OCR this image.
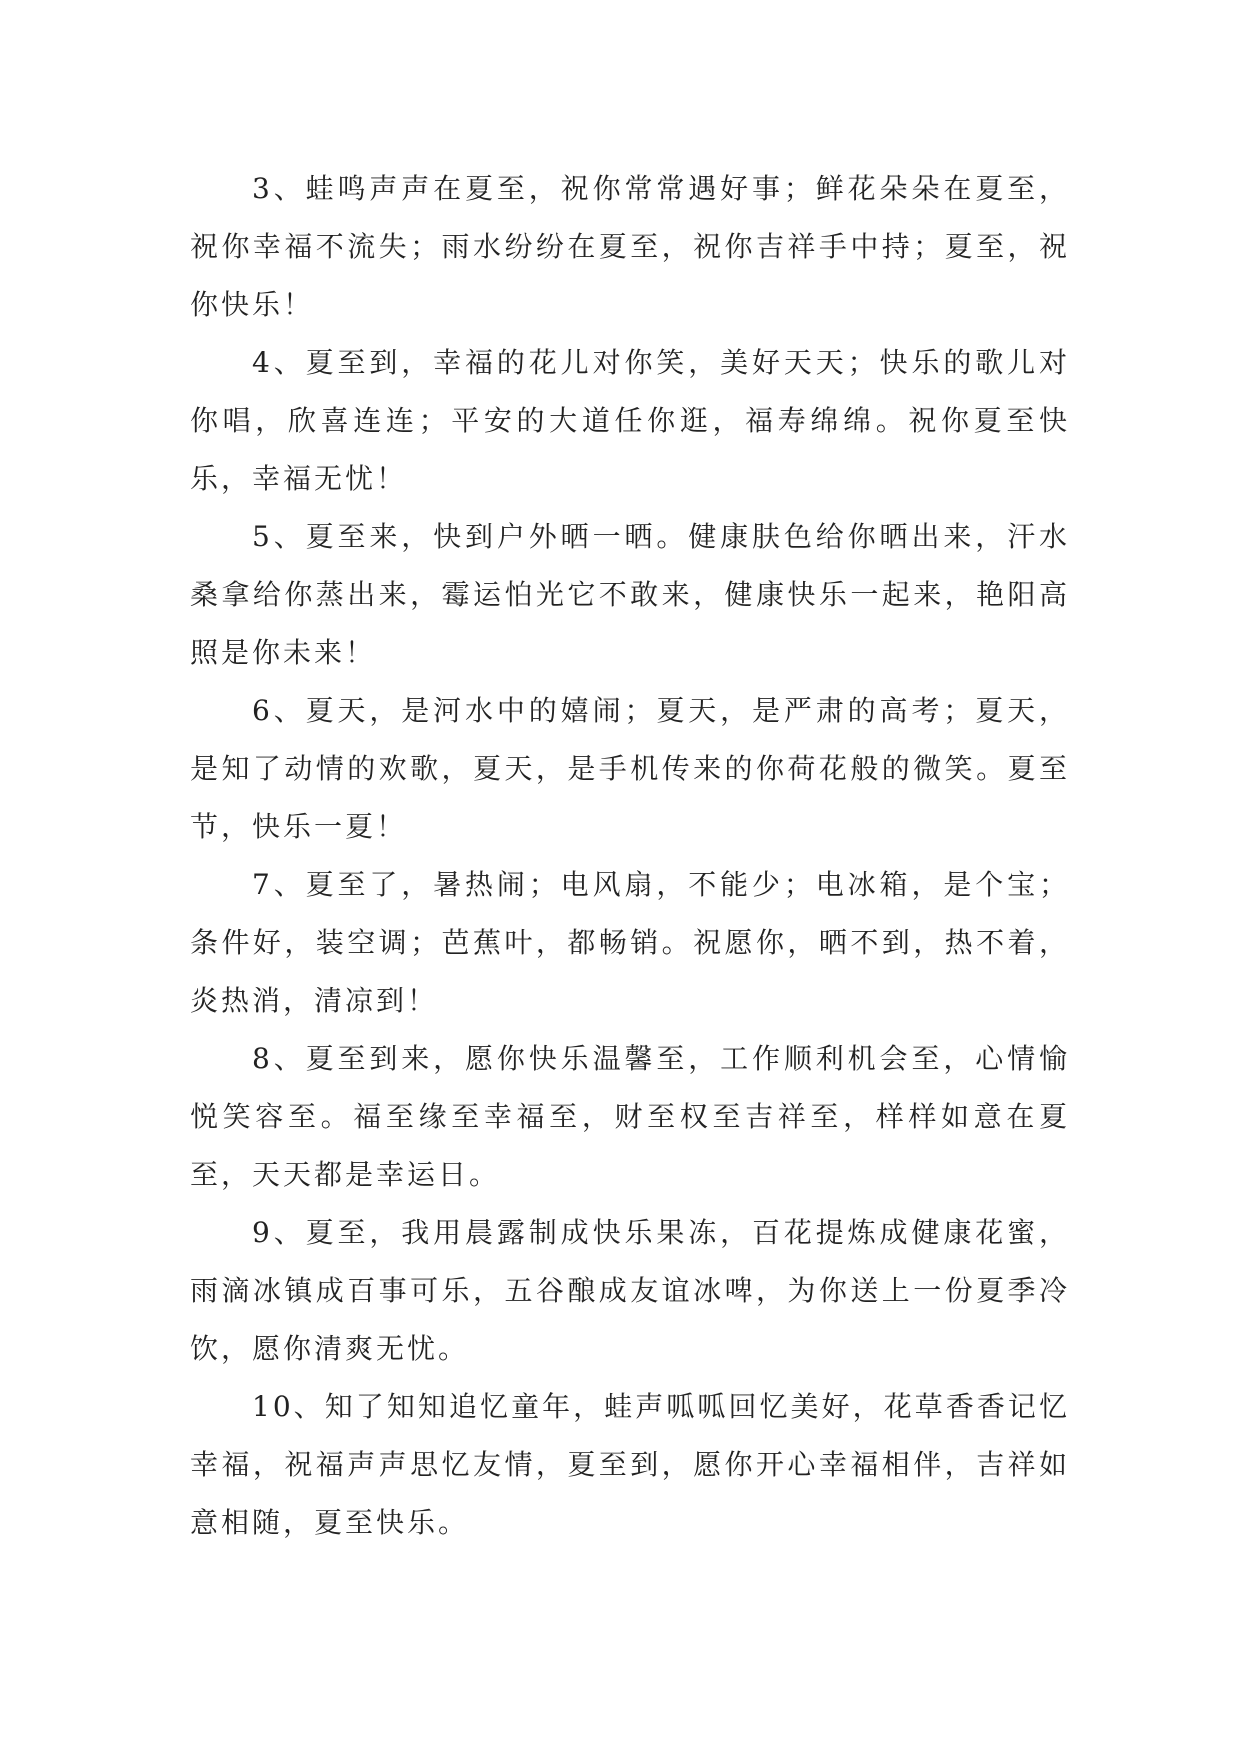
3、蛙鸣声声在夏至，祝你常常遇好事；鲜花朵朵在夏至，祝你幸福不流失；雨水纷纷在夏至，祝你吉祥手中持；夏至，祝你快乐！

4、夏至到，幸福的花儿对你笑，美好天天；快乐的歌儿对你唱，欣喜连连；平安的大道任你逛，福寿绵绵。祝你夏至快乐，幸福无忧！

5、夏至来，快到户外晒一晒。健康肤色给你晒出来，汗水桑拿给你蒸出来，霉运怕光它不敢来，健康快乐一起来，艳阳高照是你未来！

6、夏天，是河水中的嬉闹；夏天，是严肃的高考；夏天，是知了动情的欢歌，夏天，是手机传来的你荷花般的微笑。夏至节，快乐一夏！

7、夏至了，暑热闹；电风扇，不能少；电冰箱，是个宝；条件好，装空调；芭蕉叶，都畅销。祝愿你，晒不到，热不着，炎热消，清凉到！

8、夏至到来，愿你快乐温馨至，工作顺利机会至，心情愉悦笑容至。福至缘至幸福至，财至权至吉祥至，样样如意在夏至，天天都是幸运日。

9、夏至，我用晨露制成快乐果冻，百花提炼成健康花蜜，雨滴冰镇成百事可乐，五谷酿成友谊冰啤，为你送上一份夏季冷饮，愿你清爽无忧。

10、知了知知追忆童年，蛙声呱呱回忆美好，花草香香记忆幸福，祝福声声思忆友情，夏至到，愿你开心幸福相伴，吉祥如意相随，夏至快乐。
